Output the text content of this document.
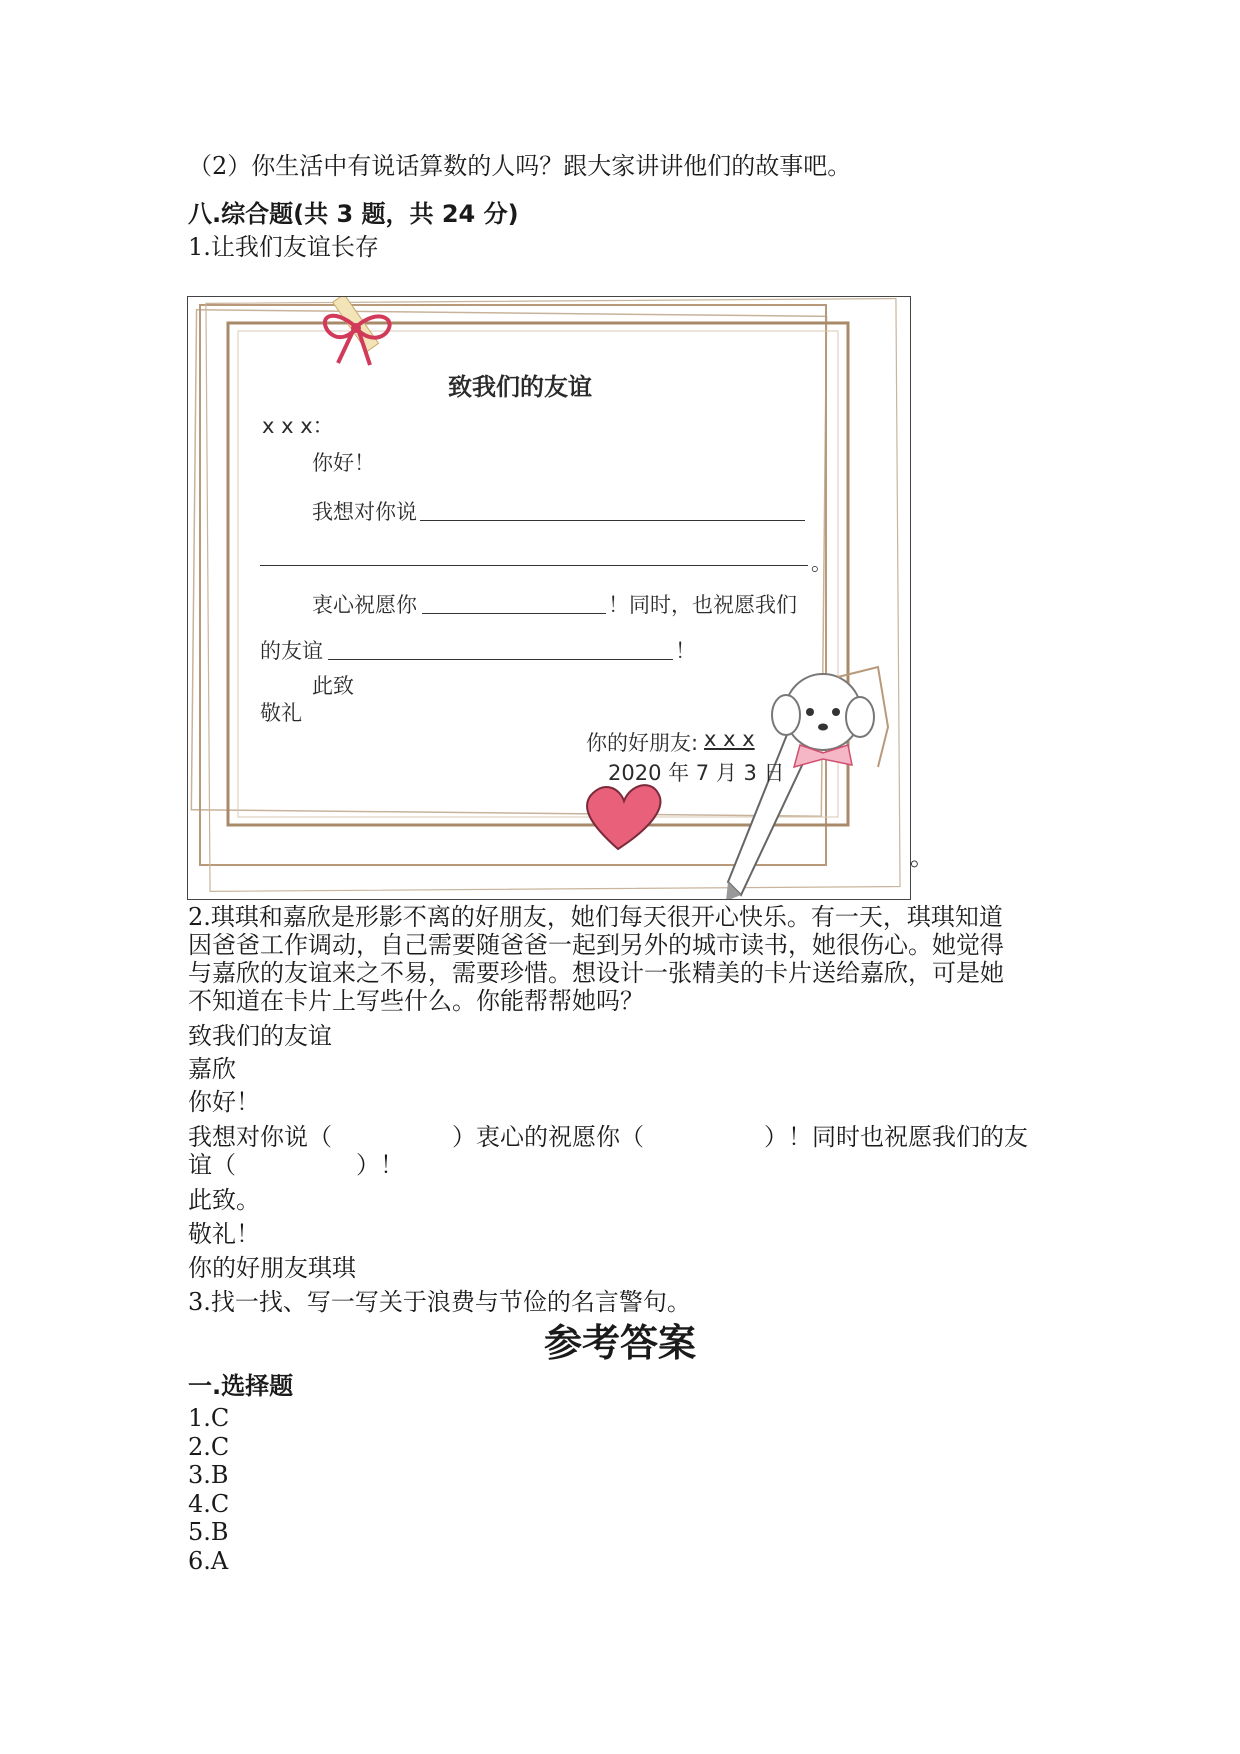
（2）你生活中有说话算数的人吗？跟大家讲讲他们的故事吧。
八.综合题(共 3 题，共 24 分)
1.让我们友谊长存
致我们的友谊
x x x：
你好！
我想对你说
。
衷心祝愿你	！同时，也祝愿我们
的友谊	！
此致
敬礼
你的好朋友: x x x
2020 年 7 月 3 日
。
2.琪琪和嘉欣是形影不离的好朋友，她们每天很开心快乐。有一天，琪琪知道
因爸爸工作调动，自己需要随爸爸一起到另外的城市读书，她很伤心。她觉得
与嘉欣的友谊来之不易，需要珍惜。想设计一张精美的卡片送给嘉欣，可是她
不知道在卡片上写些什么。你能帮帮她吗？
致我们的友谊
嘉欣
你好！
我想对你说（　　　　　）衷心的祝愿你（　　　　　）！同时也祝愿我们的友
谊（　　　　　）！
此致。
敬礼！
你的好朋友琪琪
3.找一找、写一写关于浪费与节俭的名言警句。
参考答案
一.选择题
1.C
2.C
3.B
4.C
5.B
6.A
